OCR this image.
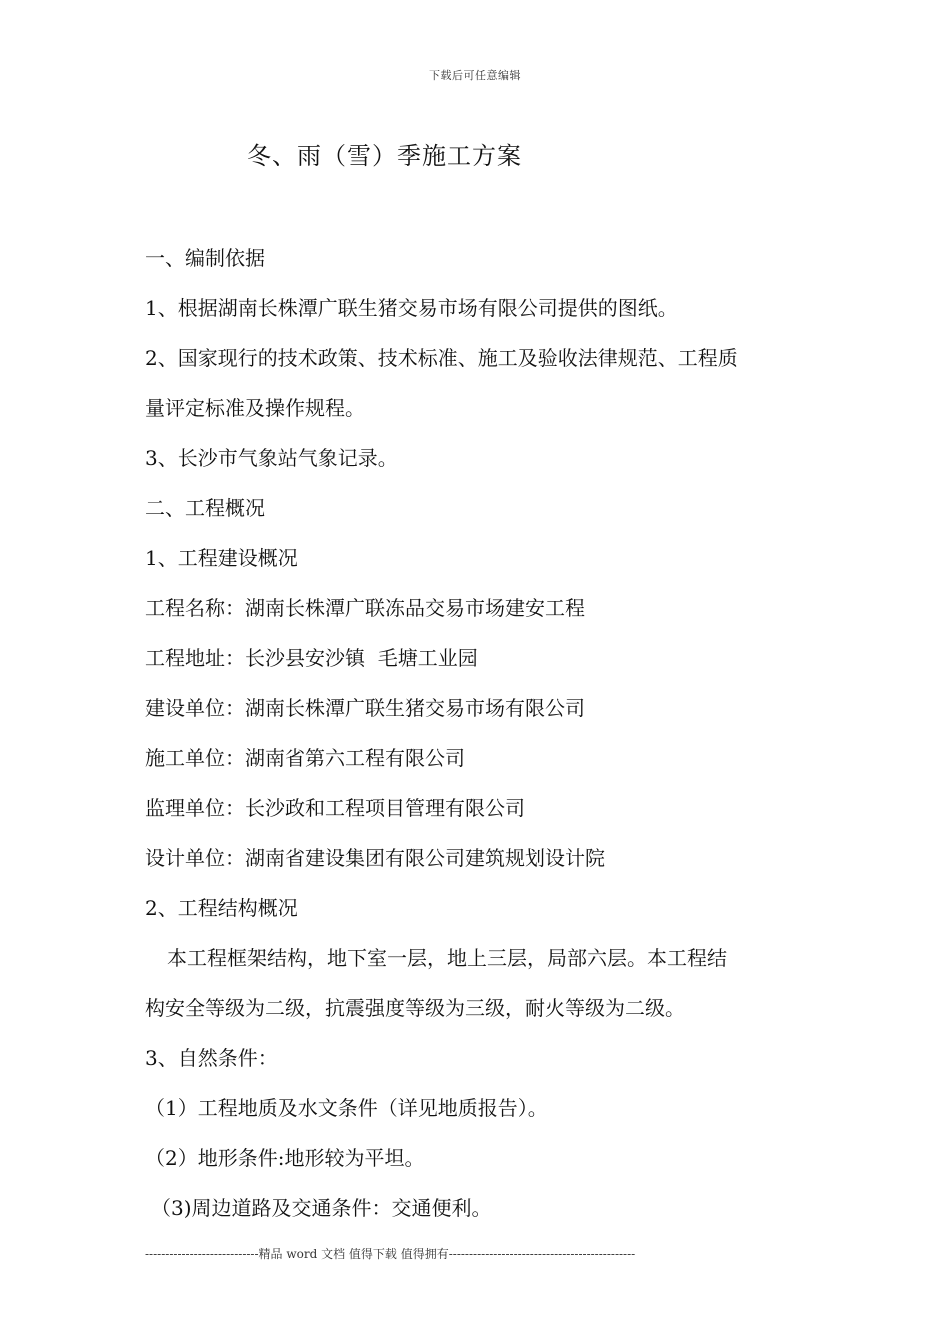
下载后可任意编辑
冬、雨（雪）季施工方案
一、编制依据
1、根据湖南长株潭广联生猪交易市场有限公司提供的图纸。
2、国家现行的技术政策、技术标准、施工及验收法律规范、工程质
量评定标准及操作规程。
3、长沙市气象站气象记录。
二、工程概况
1、工程建设概况
工程名称：湖南长株潭广联冻品交易市场建安工程
工程地址：长沙县安沙镇  毛塘工业园
建设单位：湖南长株潭广联生猪交易市场有限公司
施工单位：湖南省第六工程有限公司
监理单位：长沙政和工程项目管理有限公司
设计单位：湖南省建设集团有限公司建筑规划设计院
2、工程结构概况
本工程框架结构，地下室一层，地上三层，局部六层。本工程结
构安全等级为二级，抗震强度等级为三级，耐火等级为二级。
3、自然条件：
（1）工程地质及水文条件（详见地质报告）。
（2）地形条件:地形较为平坦。
（3)周边道路及交通条件：交通便利。
----------------------------精品 word 文档 值得下载 值得拥有----------------------------------------------
